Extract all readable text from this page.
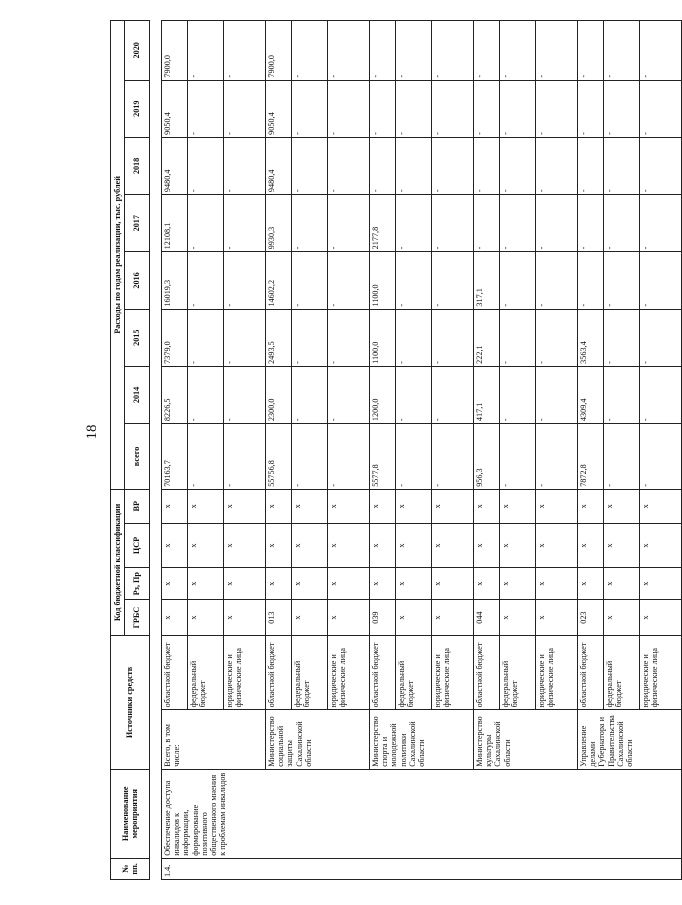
18
№ пп.	Наименование мероприятия	Источники средств		Код бюджетной классификации				Расходы по годам реализации, тыс. рублей							
				ГРБС	Рз, Пр	ЦСР	ВР	всего	2014	2015	2016	2017	2018	2019	2020

1.4.	Обеспечение доступа инвалидов к информации, формирование позитивного общественного мнения к проблемам инвалидов	Всего, в том числе:	областной бюджет	x	x	x	x	70163,7	8226,5	7379,0	16019,3	12108,1	9480,4	9050,4	7900,0
			федеральный бюджет	x	x	x	x	-	-	-	-	-	-	-	-
			юридические и физические лица	x	x	x	x	-	-	-	-	-	-	-	-
		Министерство социальной защиты Сахалинской области	областной бюджет	013	x	x	x	55756,8	2300,0	2493,5	14602,2	9930,3	9480,4	9050,4	7900,0
			федеральный бюджет	x	x	x	x	-	-	-	-	-	-	-	-
			юридические и физические лица	x	x	x	x	-	-	-	-	-	-	-	-
		Министерство спорта и молодежной политики Сахалинской области	областной бюджет	039	x	x	x	5577,8	1200,0	1100,0	1100,0	2177,8	-	-	-
			федеральный бюджет	x	x	x	x	-	-	-	-	-	-	-	-
			юридические и физические лица	x	x	x	x	-	-	-	-	-	-	-	-
		Министерство культуры Сахалинской области	областной бюджет	044	x	x	x	956,3	417,1	222,1	317,1	-	-	-	-
			федеральный бюджет	x	x	x	x	-	-	-	-	-	-	-	-
			юридические и физические лица	x	x	x	x	-	-	-	-	-	-	-	-
		Управление делами Губернатора и Правительства Сахалинской области	областной бюджет	023	x	x	x	7872,8	4309,4	3563,4	-	-	-	-	-
			федеральный бюджет	x	x	x	x	-	-	-	-	-	-	-	-
			юридические и физические лица	x	x	x	x	-	-	-	-	-	-	-	-
